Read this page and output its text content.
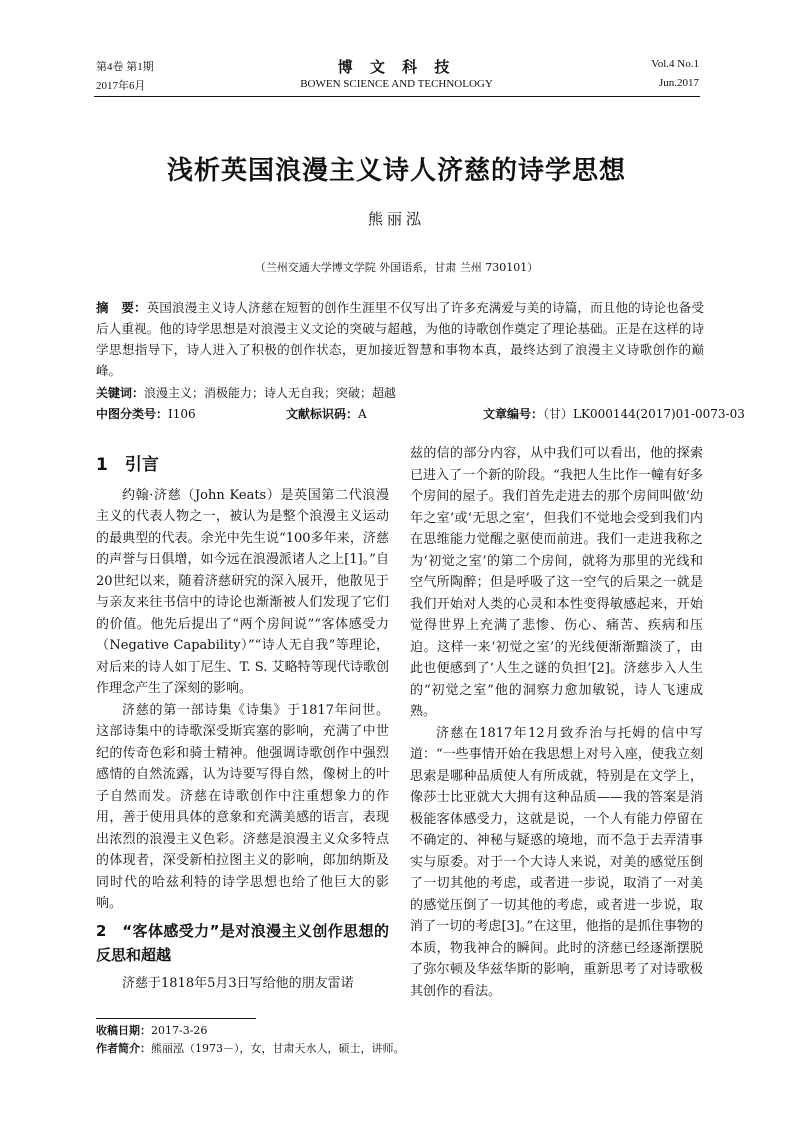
第4卷 第1期
2017年6月
博 文 科 技
BOWEN SCIENCE AND TECHNOLOGY
Vol.4 No.1
Jun.2017
浅析英国浪漫主义诗人济慈的诗学思想
熊丽泓
（兰州交通大学博文学院 外国语系，甘肃 兰州 730101）
摘　要：英国浪漫主义诗人济慈在短暂的创作生涯里不仅写出了许多充满爱与美的诗篇，而且他的诗论也备受后人重视。他的诗学思想是对浪漫主义文论的突破与超越，为他的诗歌创作奠定了理论基础。正是在这样的诗学思想指导下，诗人进入了积极的创作状态，更加接近智慧和事物本真，最终达到了浪漫主义诗歌创作的巅峰。
关键词：浪漫主义；消极能力；诗人无自我；突破；超越
中图分类号：I106	文献标识码：A	文章编号：（甘）LK000144(2017)01-0073-03
1　引言

约翰·济慈（John Keats）是英国第二代浪漫主义的代表人物之一，被认为是整个浪漫主义运动的最典型的代表。余光中先生说“100多年来，济慈的声誉与日俱增，如今远在浪漫派诸人之上[1]。”自20世纪以来，随着济慈研究的深入展开，他散见于与亲友来往书信中的诗论也渐渐被人们发现了它们的价值。他先后提出了“两个房间说”“客体感受力（Negative Capability）”“诗人无自我”等理论，对后来的诗人如丁尼生、T. S. 艾略特等现代诗歌创作理念产生了深刻的影响。

济慈的第一部诗集《诗集》于1817年问世。这部诗集中的诗歌深受斯宾塞的影响，充满了中世纪的传奇色彩和骑士精神。他强调诗歌创作中强烈感情的自然流露，认为诗要写得自然，像树上的叶子自然而发。济慈在诗歌创作中注重想象力的作用，善于使用具体的意象和充满美感的语言，表现出浓烈的浪漫主义色彩。济慈是浪漫主义众多特点的体现者，深受新柏拉图主义的影响，郎加纳斯及同时代的哈兹利特的诗学思想也给了他巨大的影响。

2　“客体感受力”是对浪漫主义创作思想的反思和超越

济慈于1818年5月3日写给他的朋友雷诺

兹的信的部分内容，从中我们可以看出，他的探索已进入了一个新的阶段。“我把人生比作一幢有好多个房间的屋子。我们首先走进去的那个房间叫做‘幼年之室’或‘无思之室’，但我们不觉地会受到我们内在思维能力觉醒之驱使而前进。我们一走进我称之为‘初觉之室’的第二个房间，就将为那里的光线和空气所陶醉；但是呼吸了这一空气的后果之一就是我们开始对人类的心灵和本性变得敏感起来，开始觉得世界上充满了悲惨、伤心、痛苦、疾病和压迫。这样一来‘初觉之室’的光线便渐渐黯淡了，由此也便感到了‘人生之谜的负担’[2]。济慈步入人生的“初觉之室”他的洞察力愈加敏锐，诗人飞速成熟。

济慈在1817年12月致乔治与托姆的信中写道：“一些事情开始在我思想上对号入座，使我立刻思索是哪种品质使人有所成就，特别是在文学上，像莎士比亚就大大拥有这种品质——我的答案是消极能客体感受力，这就是说，一个人有能力停留在不确定的、神秘与疑惑的境地，而不急于去弄清事实与原委。对于一个大诗人来说，对美的感觉压倒了一切其他的考虑，或者进一步说，取消了一对美的感觉压倒了一切其他的考虑，或者进一步说，取消了一切的考虑[3]。”在这里，他指的是抓住事物的本质，物我神合的瞬间。此时的济慈已经逐渐摆脱了弥尔顿及华兹华斯的影响，重新思考了对诗歌极其创作的看法。

收稿日期：2017-3-26
作者简介：熊丽泓（1973－），女，甘肃天水人，硕士，讲师。
